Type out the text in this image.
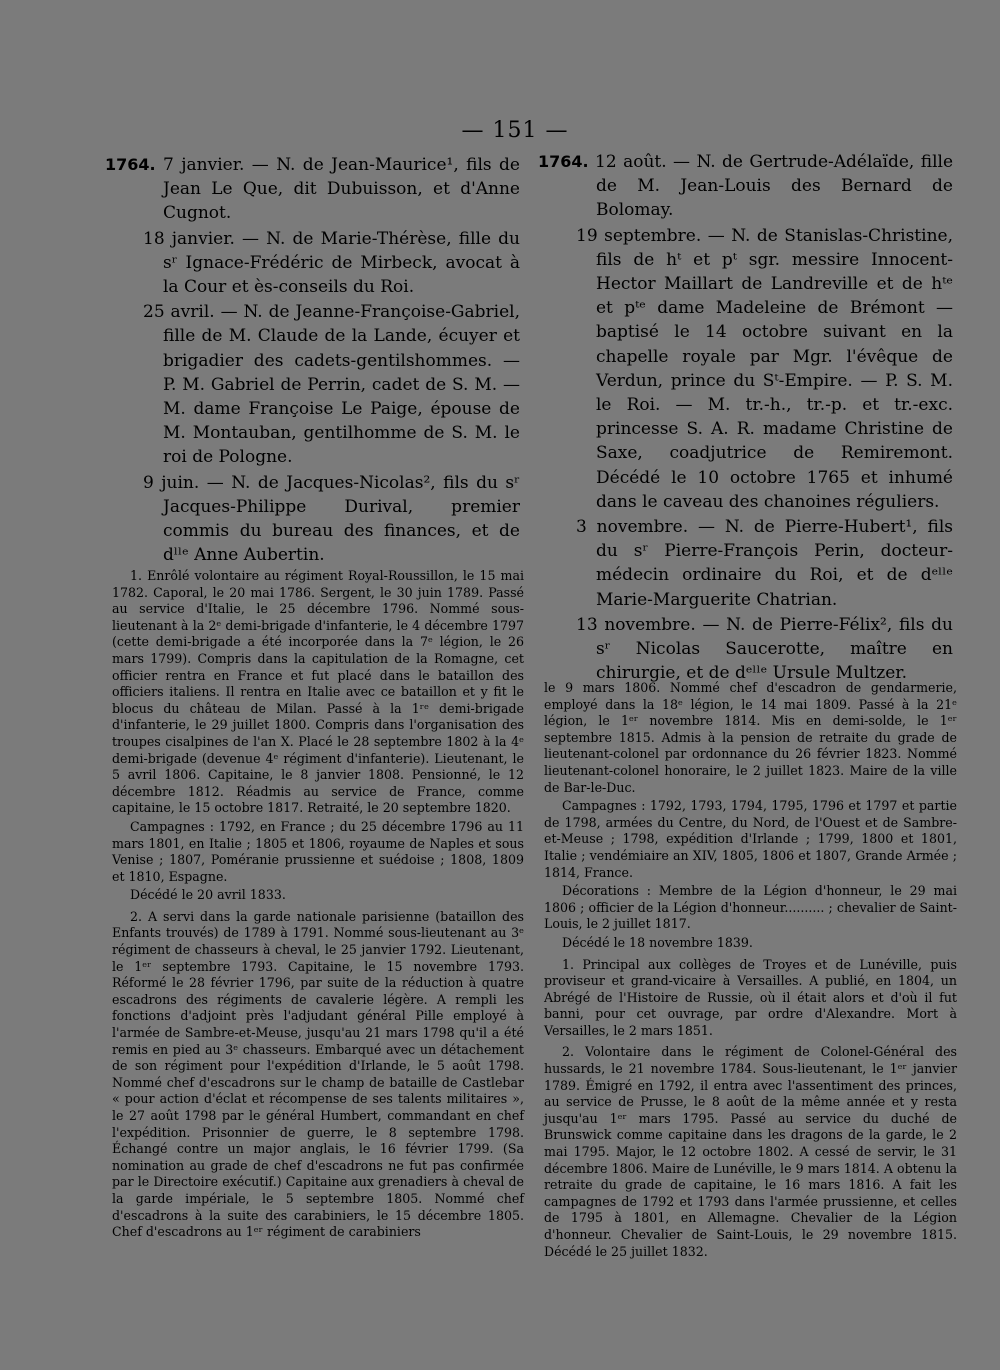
— 151 —

1764. 7 janvier. — N. de Jean-Maurice¹, fils de Jean Le Que, dit Dubuisson, et d'Anne Cugnot.

18 janvier. — N. de Marie-Thérèse, fille du sʳ Ignace-Frédéric de Mirbeck, avocat à la Cour et ès-conseils du Roi.

25 avril. — N. de Jeanne-Françoise-Gabriel, fille de M. Claude de la Lande, écuyer et brigadier des cadets-gentilshommes. — P. M. Gabriel de Perrin, cadet de S. M. — M. dame Françoise Le Paige, épouse de M. Montauban, gentilhomme de S. M. le roi de Pologne.

9 juin. — N. de Jacques-Nicolas², fils du sʳ Jacques-Philippe Durival, premier commis du bureau des finances, et de dˡˡᵉ Anne Aubertin.

1764. 12 août. — N. de Gertrude-Adélaïde, fille de M. Jean-Louis des Bernard de Bolomay.

19 septembre. — N. de Stanislas-Christine, fils de hᵗ et pᵗ sgr. messire Innocent-Hector Maillart de Landreville et de hᵗᵉ et pᵗᵉ dame Madeleine de Brémont — baptisé le 14 octobre suivant en la chapelle royale par Mgr. l'évêque de Verdun, prince du Sᵗ-Empire. — P. S. M. le Roi. — M. tr.-h., tr.-p. et tr.-exc. princesse S. A. R. madame Christine de Saxe, coadjutrice de Remiremont. Décédé le 10 octobre 1765 et inhumé dans le caveau des chanoines réguliers.

3 novembre. — N. de Pierre-Hubert¹, fils du sʳ Pierre-François Perin, docteur-médecin ordinaire du Roi, et de dᵉˡˡᵉ Marie-Marguerite Chatrian.

13 novembre. — N. de Pierre-Félix², fils du sʳ Nicolas Saucerotte, maître en chirurgie, et de dᵉˡˡᵉ Ursule Multzer.

1. Enrôlé volontaire au régiment Royal-Roussillon, le 15 mai 1782. Caporal, le 20 mai 1786. Sergent, le 30 juin 1789. Passé au service d'Italie, le 25 décembre 1796. Nommé sous-lieutenant à la 2ᵉ demi-brigade d'infanterie, le 4 décembre 1797 (cette demi-brigade a été incorporée dans la 7ᵉ légion, le 26 mars 1799). Compris dans la capitulation de la Romagne, cet officier rentra en France et fut placé dans le bataillon des officiers italiens. Il rentra en Italie avec ce bataillon et y fit le blocus du château de Milan. Passé à la 1ʳᵉ demi-brigade d'infanterie, le 29 juillet 1800. Compris dans l'organisation des troupes cisalpines de l'an X. Placé le 28 septembre 1802 à la 4ᵉ demi-brigade (devenue 4ᵉ régiment d'infanterie). Lieutenant, le 5 avril 1806. Capitaine, le 8 janvier 1808. Pensionné, le 12 décembre 1812. Réadmis au service de France, comme capitaine, le 15 octobre 1817. Retraité, le 20 septembre 1820.

Campagnes : 1792, en France ; du 25 décembre 1796 au 11 mars 1801, en Italie ; 1805 et 1806, royaume de Naples et sous Venise ; 1807, Poméranie prussienne et suédoise ; 1808, 1809 et 1810, Espagne.

Décédé le 20 avril 1833.

2. A servi dans la garde nationale parisienne (bataillon des Enfants trouvés) de 1789 à 1791. Nommé sous-lieutenant au 3ᵉ régiment de chasseurs à cheval, le 25 janvier 1792. Lieutenant, le 1ᵉʳ septembre 1793. Capitaine, le 15 novembre 1793. Réformé le 28 février 1796, par suite de la réduction à quatre escadrons des régiments de cavalerie légère. A rempli les fonctions d'adjoint près l'adjudant général Pille employé à l'armée de Sambre-et-Meuse, jusqu'au 21 mars 1798 qu'il a été remis en pied au 3ᵉ chasseurs. Embarqué avec un détachement de son régiment pour l'expédition d'Irlande, le 5 août 1798. Nommé chef d'escadrons sur le champ de bataille de Castlebar « pour action d'éclat et récompense de ses talents militaires », le 27 août 1798 par le général Humbert, commandant en chef l'expédition. Prisonnier de guerre, le 8 septembre 1798. Échangé contre un major anglais, le 16 février 1799. (Sa nomination au grade de chef d'escadrons ne fut pas confirmée par le Directoire exécutif.) Capitaine aux grenadiers à cheval de la garde impériale, le 5 septembre 1805. Nommé chef d'escadrons à la suite des carabiniers, le 15 décembre 1805. Chef d'escadrons au 1ᵉʳ régiment de carabiniers

le 9 mars 1806. Nommé chef d'escadron de gendarmerie, employé dans la 18ᵉ légion, le 14 mai 1809. Passé à la 21ᵉ légion, le 1ᵉʳ novembre 1814. Mis en demi-solde, le 1ᵉʳ septembre 1815. Admis à la pension de retraite du grade de lieutenant-colonel par ordonnance du 26 février 1823. Nommé lieutenant-colonel honoraire, le 2 juillet 1823. Maire de la ville de Bar-le-Duc.

Campagnes : 1792, 1793, 1794, 1795, 1796 et 1797 et partie de 1798, armées du Centre, du Nord, de l'Ouest et de Sambre-et-Meuse ; 1798, expédition d'Irlande ; 1799, 1800 et 1801, Italie ; vendémiaire an XIV, 1805, 1806 et 1807, Grande Armée ; 1814, France.

Décorations : Membre de la Légion d'honneur, le 29 mai 1806 ; officier de la Légion d'honneur.......... ; chevalier de Saint-Louis, le 2 juillet 1817.

Décédé le 18 novembre 1839.

1. Principal aux collèges de Troyes et de Lunéville, puis proviseur et grand-vicaire à Versailles. A publié, en 1804, un Abrégé de l'Histoire de Russie, où il était alors et d'où il fut banni, pour cet ouvrage, par ordre d'Alexandre. Mort à Versailles, le 2 mars 1851.

2. Volontaire dans le régiment de Colonel-Général des hussards, le 21 novembre 1784. Sous-lieutenant, le 1ᵉʳ janvier 1789. Émigré en 1792, il entra avec l'assentiment des princes, au service de Prusse, le 8 août de la même année et y resta jusqu'au 1ᵉʳ mars 1795. Passé au service du duché de Brunswick comme capitaine dans les dragons de la garde, le 2 mai 1795. Major, le 12 octobre 1802. A cessé de servir, le 31 décembre 1806. Maire de Lunéville, le 9 mars 1814. A obtenu la retraite du grade de capitaine, le 16 mars 1816. A fait les campagnes de 1792 et 1793 dans l'armée prussienne, et celles de 1795 à 1801, en Allemagne. Chevalier de la Légion d'honneur. Chevalier de Saint-Louis, le 29 novembre 1815. Décédé le 25 juillet 1832.
